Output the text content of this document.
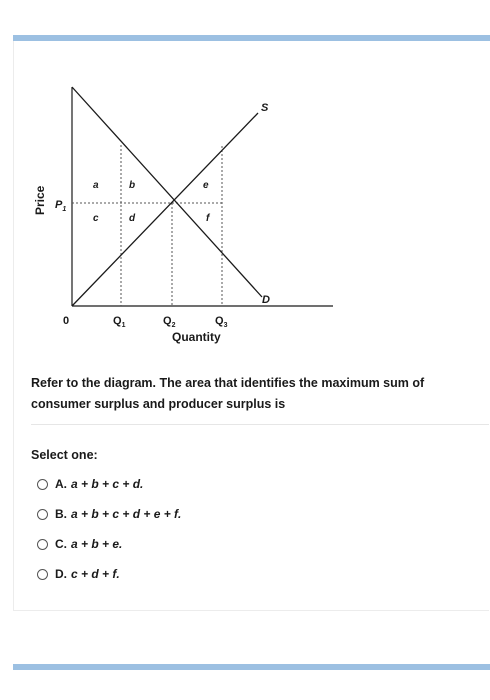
S
D
a	b
c	d
e
f
$P_1$
0	$Q_1$	$Q_2$	$Q_3$
Quantity
Price
Refer to the diagram. The area that identifies the maximum sum of consumer surplus and producer surplus is
Select one:
A. a + b + c + d.
B. a + b + c + d + e + f.
C. a + b + e.
D. c + d + f.
